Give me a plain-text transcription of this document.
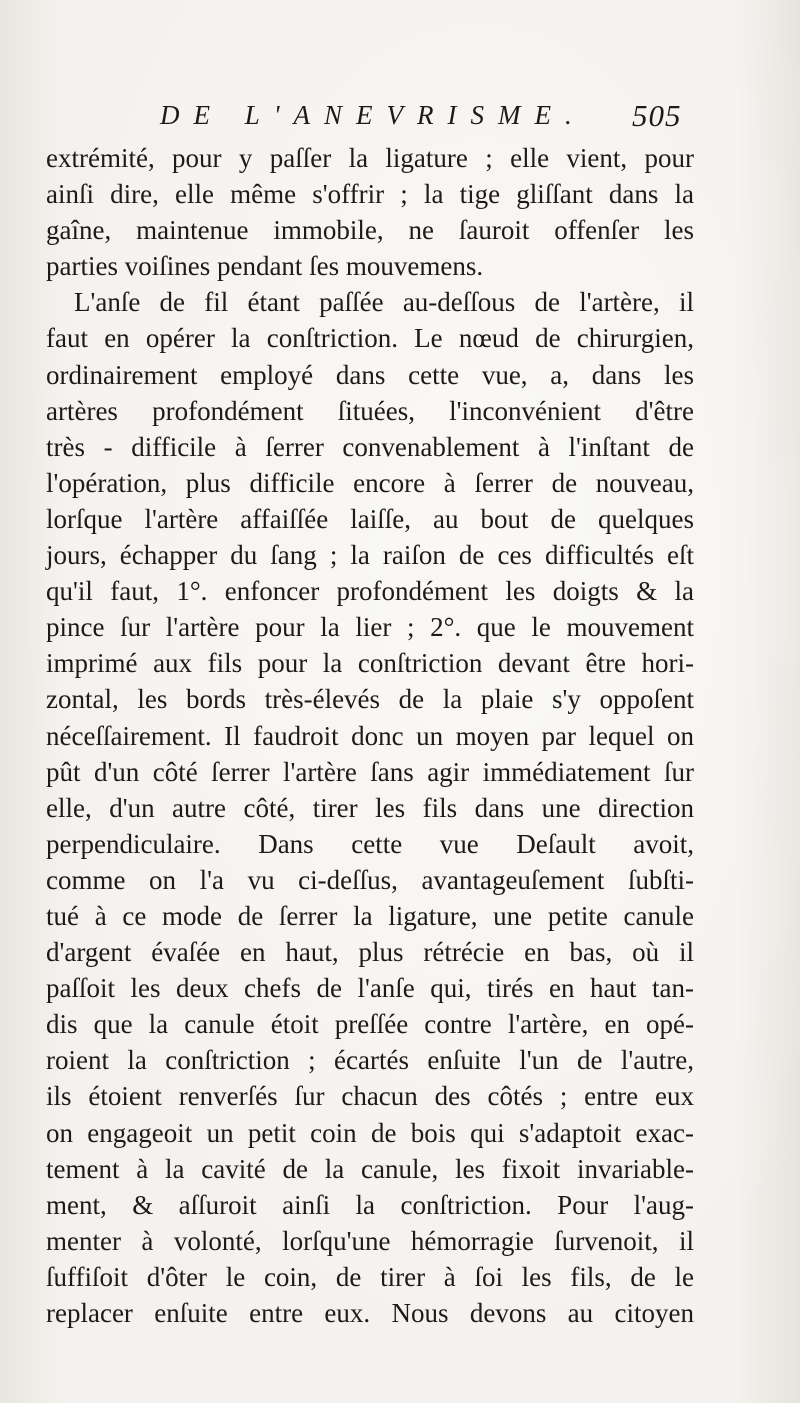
DE L'ANEVRISME. 505
extrémité, pour y paſſer la ligature ; elle vient, pour
ainſi dire, elle même s'offrir ; la tige gliſſant dans la
gaîne, maintenue immobile, ne ſauroit offenſer les
parties voiſines pendant ſes mouvemens.
L'anſe de fil étant paſſée au-deſſous de l'artère, il
faut en opérer la conſtriction. Le nœud de chirurgien,
ordinairement employé dans cette vue, a, dans les
artères profondément ſituées, l'inconvénient d'être
très - difficile à ſerrer convenablement à l'inſtant de
l'opération, plus difficile encore à ſerrer de nouveau,
lorſque l'artère affaiſſée laiſſe, au bout de quelques
jours, échapper du ſang ; la raiſon de ces difficultés eſt
qu'il faut, 1°. enfoncer profondément les doigts & la
pince ſur l'artère pour la lier ; 2°. que le mouvement
imprimé aux fils pour la conſtriction devant être hori-
zontal, les bords très-élevés de la plaie s'y oppoſent
néceſſairement. Il faudroit donc un moyen par lequel on
pût d'un côté ſerrer l'artère ſans agir immédiatement ſur
elle, d'un autre côté, tirer les fils dans une direction
perpendiculaire. Dans cette vue Deſault avoit,
comme on l'a vu ci-deſſus, avantageuſement ſubſti-
tué à ce mode de ſerrer la ligature, une petite canule
d'argent évaſée en haut, plus rétrécie en bas, où il
paſſoit les deux chefs de l'anſe qui, tirés en haut tan-
dis que la canule étoit preſſée contre l'artère, en opé-
roient la conſtriction ; écartés enſuite l'un de l'autre,
ils étoient renverſés ſur chacun des côtés ; entre eux
on engageoit un petit coin de bois qui s'adaptoit exac-
tement à la cavité de la canule, les fixoit invariable-
ment, & aſſuroit ainſi la conſtriction. Pour l'aug-
menter à volonté, lorſqu'une hémorragie ſurvenoit, il
ſuffiſoit d'ôter le coin, de tirer à ſoi les fils, de le
replacer enſuite entre eux. Nous devons au citoyen
